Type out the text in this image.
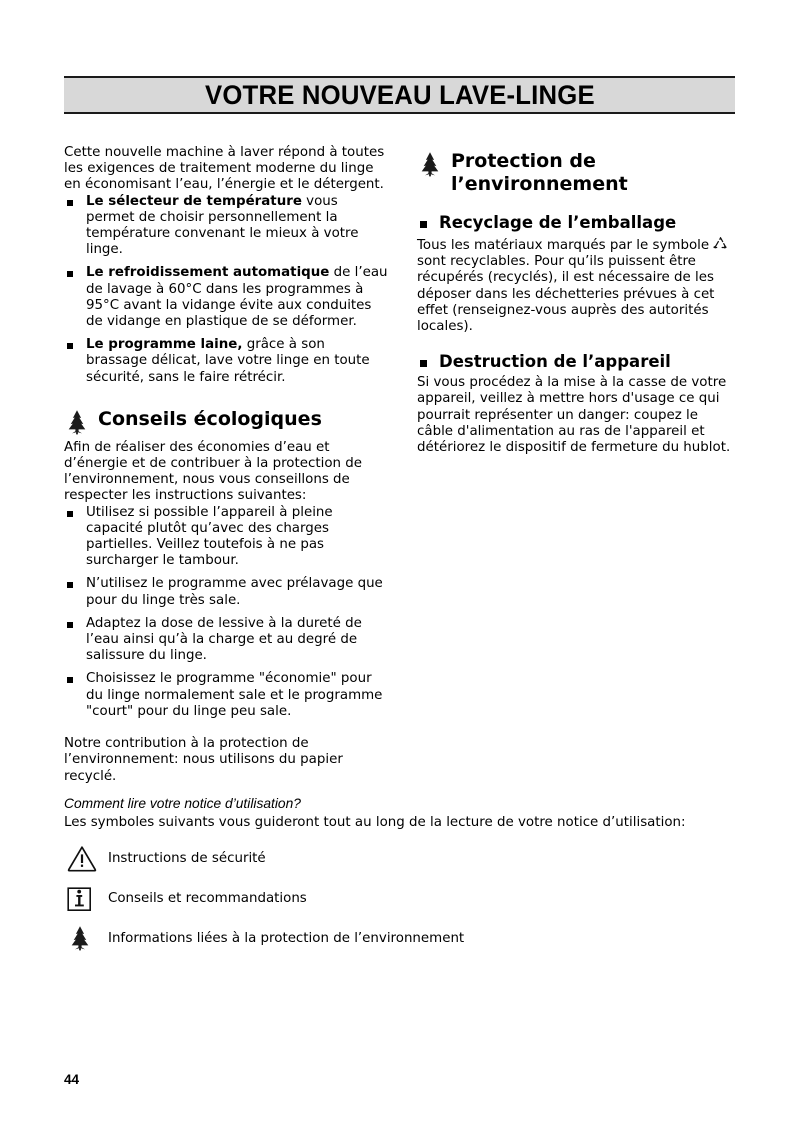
VOTRE NOUVEAU LAVE-LINGE

Cette nouvelle machine à laver répond à toutes les exigences de traitement moderne du linge en économisant l’eau, l’énergie et le détergent.

Le sélecteur de température vous permet de choisir personnellement la température convenant le mieux à votre linge.
Le refroidissement automatique de l’eau de lavage à 60°C dans les programmes à 95°C avant la vidange évite aux conduites de vidange en plastique de se déformer.
Le programme laine, grâce à son brassage délicat, lave votre linge en toute sécurité, sans le faire rétrécir.
Conseils écologiques

Afin de réaliser des économies d’eau et d’énergie et de contribuer à la protection de l’environnement, nous vous conseillons de respecter les instructions suivantes:

Utilisez si possible l’appareil à pleine capacité plutôt qu’avec des charges partielles. Veillez toutefois à ne pas surcharger le tambour.
N’utilisez le programme avec prélavage que pour du linge très sale.
Adaptez la dose de lessive à la dureté de l’eau ainsi qu’à la charge et au degré de salissure du linge.
Choisissez le programme "économie" pour du linge normalement sale et le programme "court" pour du linge peu sale.

Notre contribution à la protection de l’environnement: nous utilisons du papier recyclé.

Protection de
l’environnement
Recyclage de l’emballage

Tous les matériaux marqués par le symbole sont recyclables. Pour qu’ils puissent être récupérés (recyclés), il est nécessaire de les déposer dans les déchetteries prévues à cet effet (renseignez-vous auprès des autorités locales).

Destruction de l’appareil

Si vous procédez à la mise à la casse de votre appareil, veillez à mettre hors d'usage ce qui pourrait représenter un danger: coupez le câble d'alimentation au ras de l'appareil et détériorez le dispositif de fermeture du hublot.

Comment lire votre notice d’utilisation?

Les symboles suivants vous guideront tout au long de la lecture de votre notice d’utilisation:

Instructions de sécurité
Conseils et recommandations
Informations liées à la protection de l’environnement
44
